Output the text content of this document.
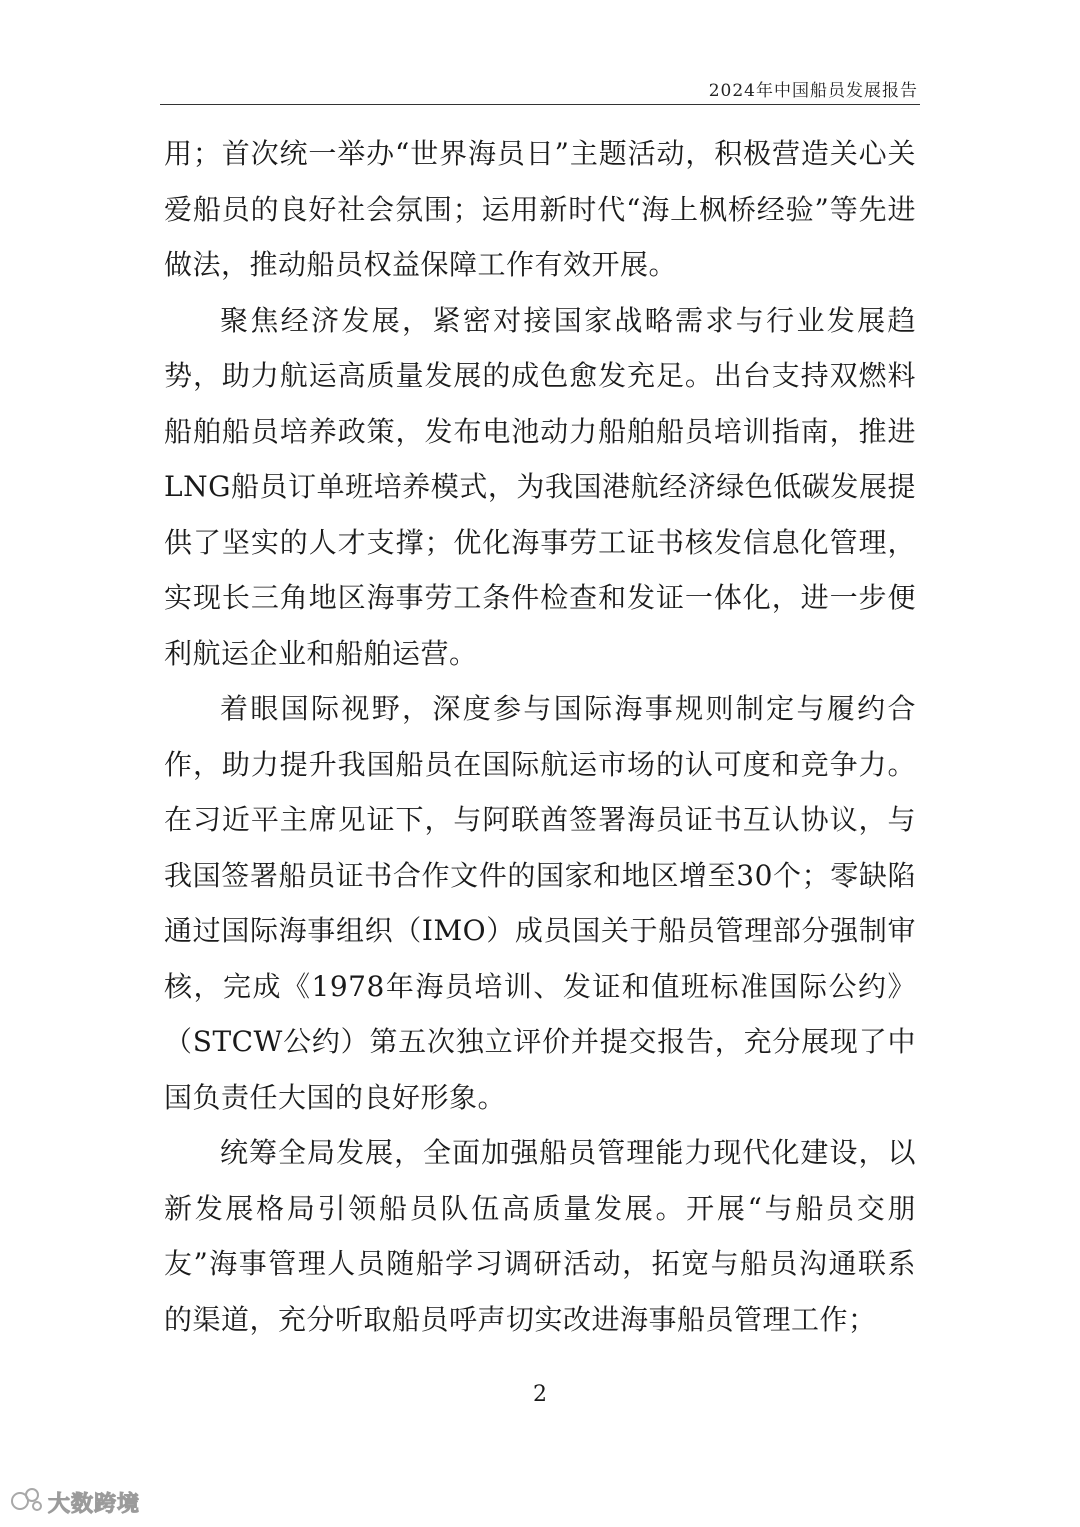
2024年中国船员发展报告

用；首次统一举办“世界海员日”主题活动，积极营造关心关爱船员的良好社会氛围；运用新时代“海上枫桥经验”等先进做法，推动船员权益保障工作有效开展。

聚焦经济发展，紧密对接国家战略需求与行业发展趋势，助力航运高质量发展的成色愈发充足。出台支持双燃料船舶船员培养政策，发布电池动力船舶船员培训指南，推进LNG船员订单班培养模式，为我国港航经济绿色低碳发展提供了坚实的人才支撑；优化海事劳工证书核发信息化管理，实现长三角地区海事劳工条件检查和发证一体化，进一步便利航运企业和船舶运营。

着眼国际视野，深度参与国际海事规则制定与履约合作，助力提升我国船员在国际航运市场的认可度和竞争力。在习近平主席见证下，与阿联酋签署海员证书互认协议，与我国签署船员证书合作文件的国家和地区增至30个；零缺陷通过国际海事组织（IMO）成员国关于船员管理部分强制审核，完成《1978年海员培训、发证和值班标准国际公约》（STCW公约）第五次独立评价并提交报告，充分展现了中国负责任大国的良好形象。

统筹全局发展，全面加强船员管理能力现代化建设，以新发展格局引领船员队伍高质量发展。开展“与船员交朋友”海事管理人员随船学习调研活动，拓宽与船员沟通联系的渠道，充分听取船员呼声切实改进海事船员管理工作；

2
大数跨境
